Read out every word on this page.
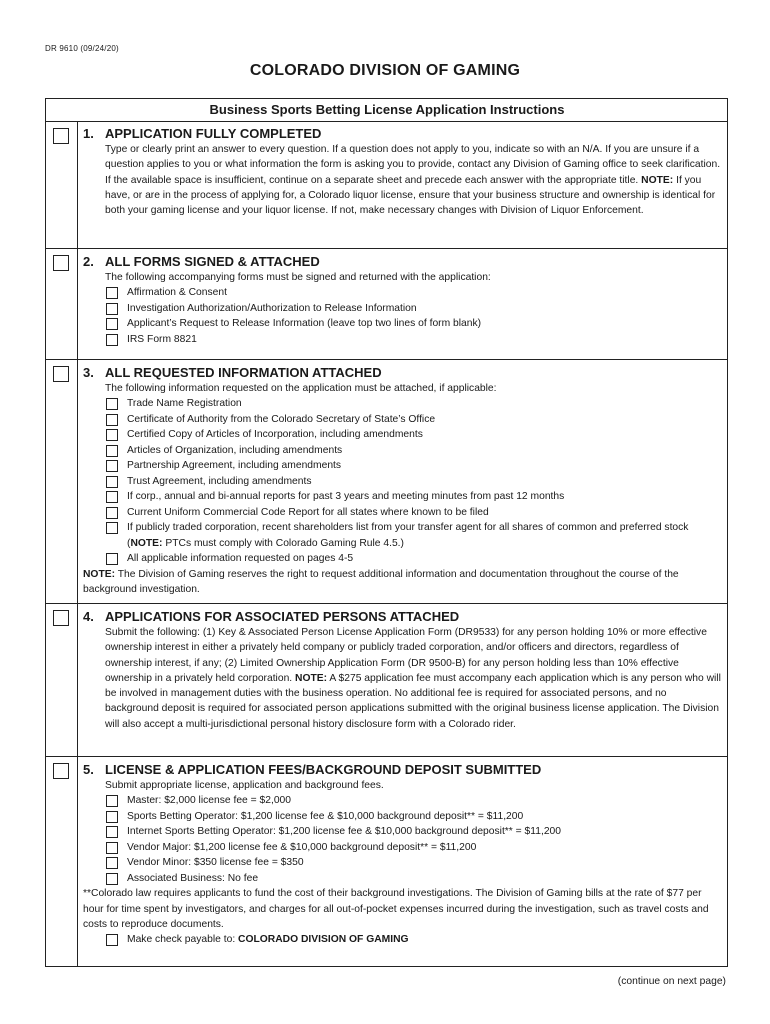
DR 9610 (09/24/20)
COLORADO DIVISION OF GAMING
Business Sports Betting License Application Instructions
1. APPLICATION FULLY COMPLETED

Type or clearly print an answer to every question. If a question does not apply to you, indicate so with an N/A. If you are unsure if a question applies to you or what information the form is asking you to provide, contact any Division of Gaming office to seek clarification. If the available space is insufficient, continue on a separate sheet and precede each answer with the appropriate title. NOTE: If you have, or are in the process of applying for, a Colorado liquor license, ensure that your business structure and ownership is identical for both your gaming license and your liquor license. If not, make necessary changes with Division of Liquor Enforcement.

2. ALL FORMS SIGNED & ATTACHED

The following accompanying forms must be signed and returned with the application:

Affirmation & Consent
Investigation Authorization/Authorization to Release Information
Applicant’s Request to Release Information (leave top two lines of form blank)
IRS Form 8821
3. ALL REQUESTED INFORMATION ATTACHED

The following information requested on the application must be attached, if applicable:

Trade Name Registration
Certificate of Authority from the Colorado Secretary of State’s Office
Certified Copy of Articles of Incorporation, including amendments
Articles of Organization, including amendments
Partnership Agreement, including amendments
Trust Agreement, including amendments
If corp., annual and bi-annual reports for past 3 years and meeting minutes from past 12 months
Current Uniform Commercial Code Report for all states where known to be filed
If publicly traded corporation, recent shareholders list from your transfer agent for all shares of common and preferred stock (NOTE: PTCs must comply with Colorado Gaming Rule 4.5.)
All applicable information requested on pages 4-5

NOTE: The Division of Gaming reserves the right to request additional information and documentation throughout the course of the background investigation.

4. APPLICATIONS FOR ASSOCIATED PERSONS ATTACHED

Submit the following: (1) Key & Associated Person License Application Form (DR9533) for any person holding 10% or more effective ownership interest in either a privately held company or publicly traded corporation, and/or officers and directors, regardless of ownership interest, if any; (2) Limited Ownership Application Form (DR 9500-B) for any person holding less than 10% effective ownership in a privately held corporation. NOTE: A $275 application fee must accompany each application which is any person who will be involved in management duties with the business operation. No additional fee is required for associated persons, and no background deposit is required for associated person applications submitted with the original business license application. The Division will also accept a multi-jurisdictional personal history disclosure form with a Colorado rider.

5. LICENSE & APPLICATION FEES/BACKGROUND DEPOSIT SUBMITTED

Submit appropriate license, application and background fees.

Master: $2,000 license fee = $2,000
Sports Betting Operator: $1,200 license fee & $10,000 background deposit** = $11,200
Internet Sports Betting Operator: $1,200 license fee & $10,000 background deposit** = $11,200
Vendor Major: $1,200 license fee & $10,000 background deposit** = $11,200
Vendor Minor: $350 license fee = $350
Associated Business: No fee

**Colorado law requires applicants to fund the cost of their background investigations. The Division of Gaming bills at the rate of $77 per hour for time spent by investigators, and charges for all out-of-pocket expenses incurred during the investigation, such as travel costs and costs to reproduce documents.

Make check payable to: COLORADO DIVISION OF GAMING
(continue on next page)
